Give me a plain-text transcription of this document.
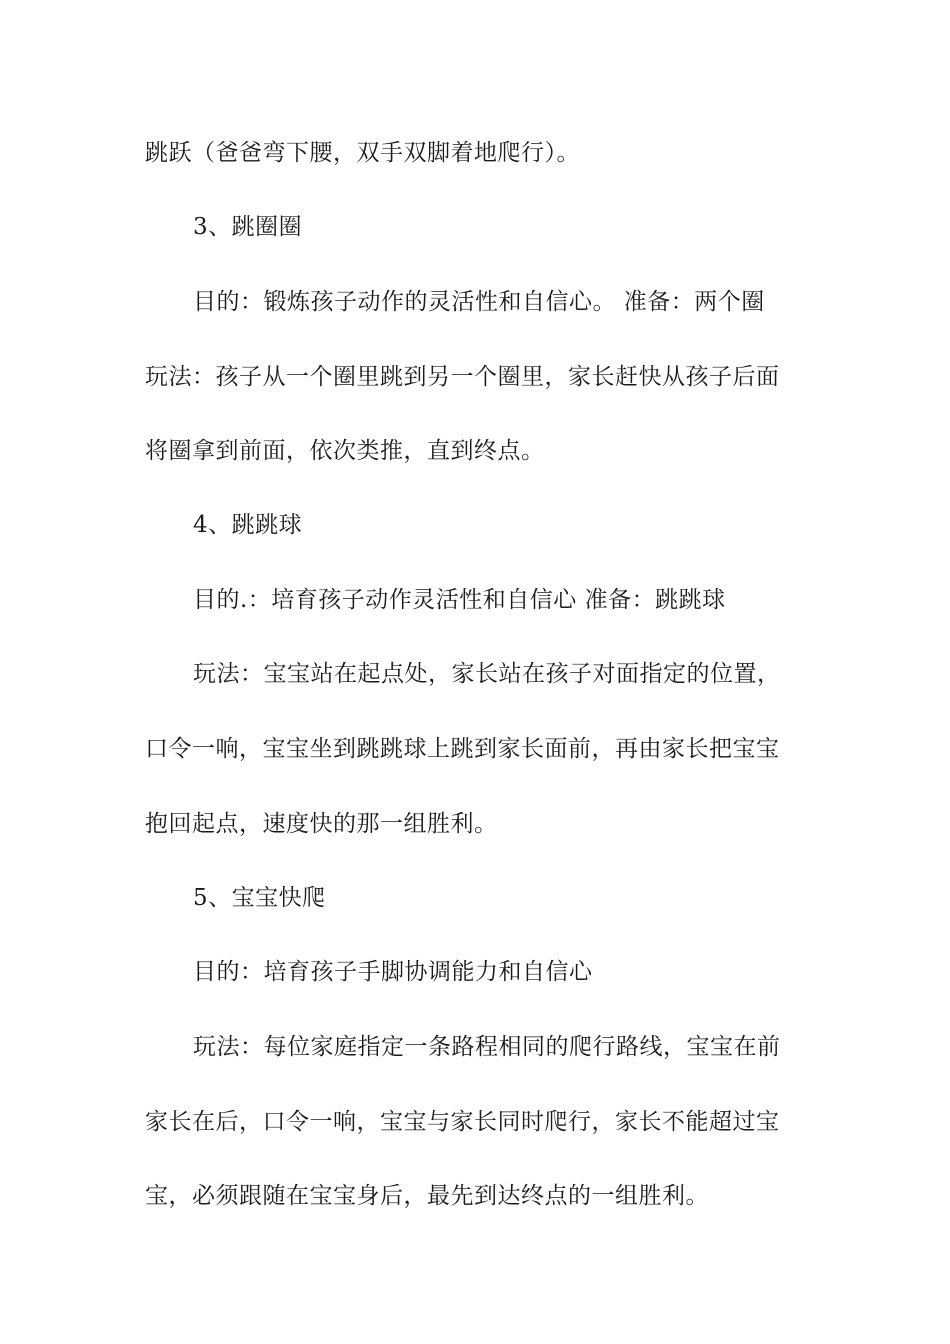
跳跃（爸爸弯下腰，双手双脚着地爬行）。
3、跳圈圈
目的：锻炼孩子动作的灵活性和自信心。 准备：两个圈
玩法：孩子从一个圈里跳到另一个圈里，家长赶快从孩子后面
将圈拿到前面，依次类推，直到终点。
4、跳跳球
目的.：培育孩子动作灵活性和自信心 准备：跳跳球
玩法：宝宝站在起点处，家长站在孩子对面指定的位置，
口令一响，宝宝坐到跳跳球上跳到家长面前，再由家长把宝宝
抱回起点，速度快的那一组胜利。
5、宝宝快爬
目的：培育孩子手脚协调能力和自信心
玩法：每位家庭指定一条路程相同的爬行路线，宝宝在前
家长在后，口令一响，宝宝与家长同时爬行，家长不能超过宝
宝，必须跟随在宝宝身后，最先到达终点的一组胜利。
